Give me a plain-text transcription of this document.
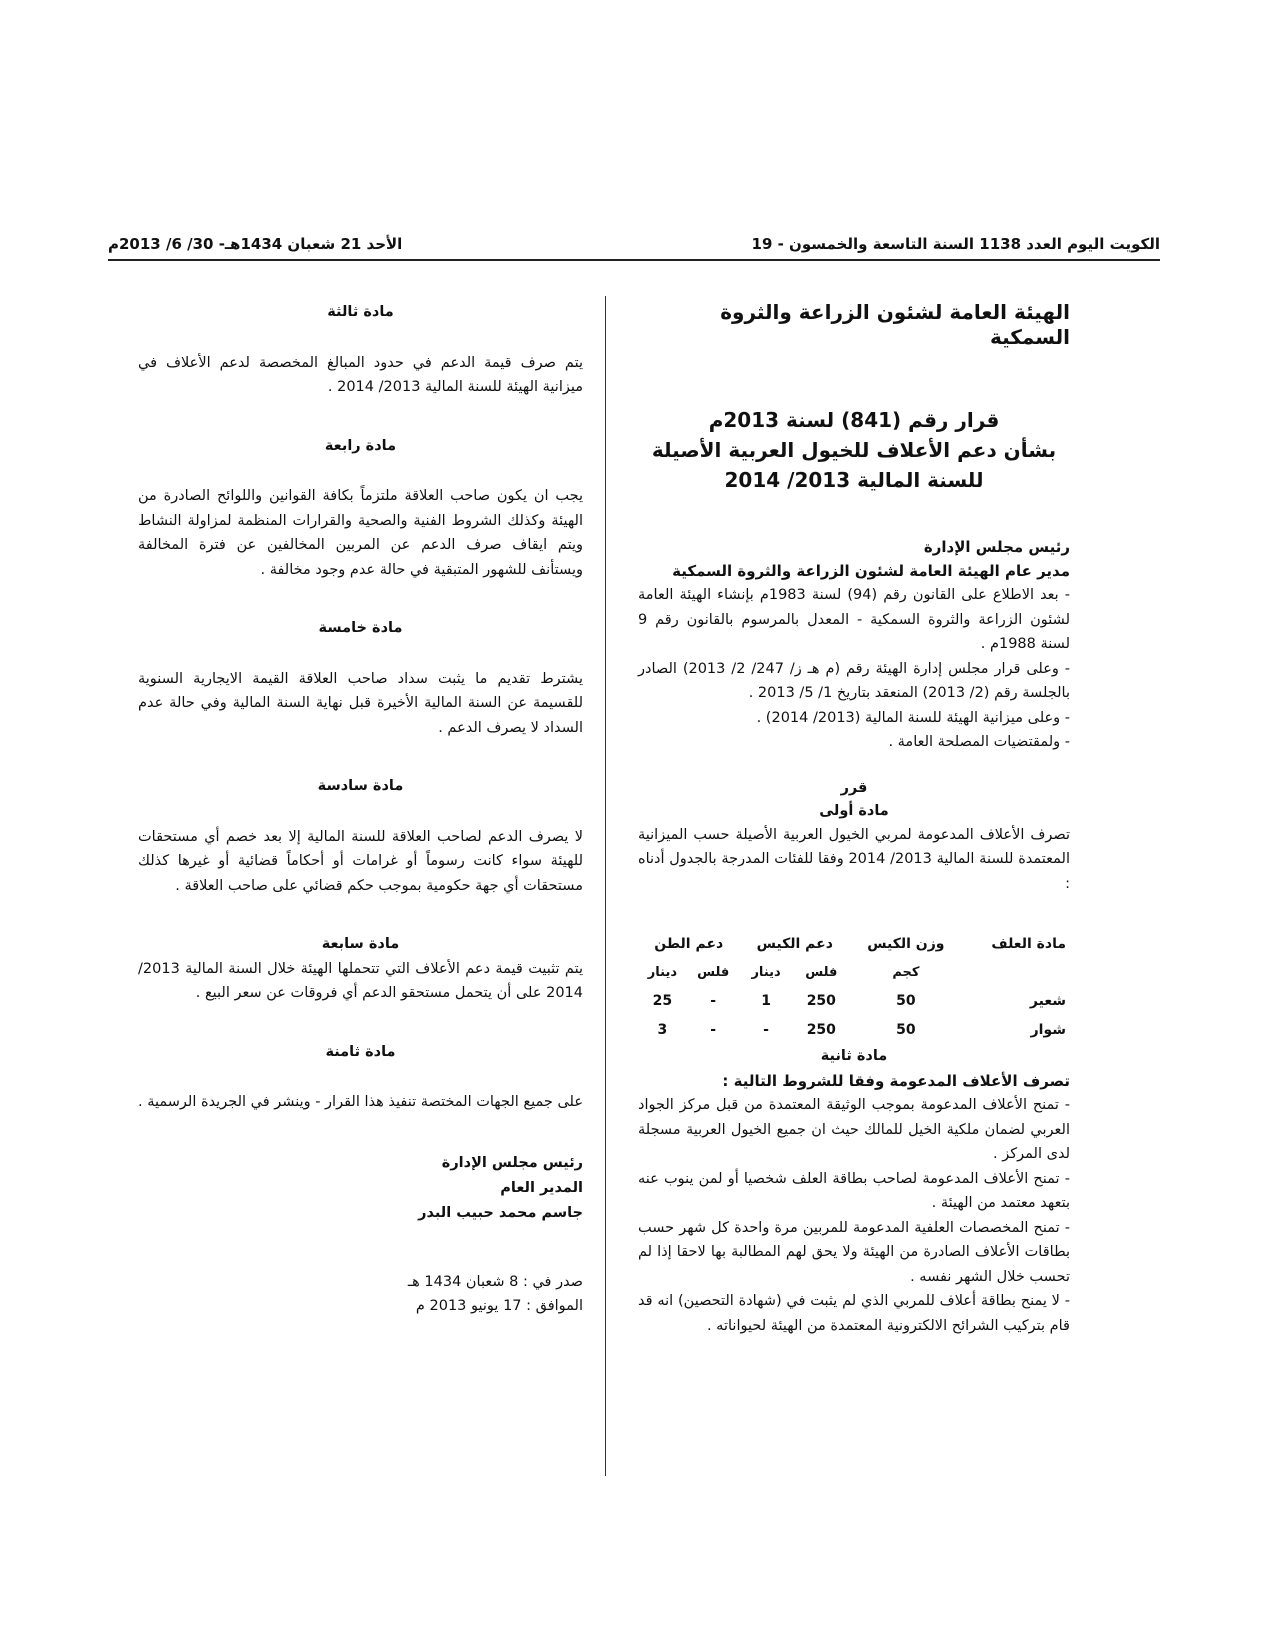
الكويت اليوم العدد 1138 السنة التاسعة والخمسون - 19
الأحد 21 شعبان 1434هـ- 30/ 6/ 2013م

الهيئة العامة لشئون الزراعة والثروة السمكية

قرار رقم (841) لسنة 2013م
بشأن دعم الأعلاف للخيول العربية الأصيلة
للسنة المالية 2013/ 2014
رئيس مجلس الإدارة
مدير عام الهيئة العامة لشئون الزراعة والثروة السمكية

- بعد الاطلاع على القانون رقم (94) لسنة 1983م بإنشاء الهيئة العامة لشئون الزراعة والثروة السمكية - المعدل بالمرسوم بالقانون رقم 9 لسنة 1988م .

- وعلى قرار مجلس إدارة الهيئة رقم (م هـ ز/ 247/ 2/ 2013) الصادر بالجلسة رقم (2/ 2013) المنعقد بتاريخ 1/ 5/ 2013 .

- وعلى ميزانية الهيئة للسنة المالية (2013/ 2014) .

- ولمقتضيات المصلحة العامة .

قرر
مادة أولى

تصرف الأعلاف المدعومة لمربي الخيول العربية الأصيلة حسب الميزانية المعتمدة للسنة المالية 2013/ 2014 وفقا للفئات المدرجة بالجدول أدناه :

مادة العلف	وزن الكيس	دعم الكيس		دعم الطن	
	كجم	فلس	دينار	فلس	دينار
شعير	50	250	1	-	25
شوار	50	250	-	-	3

مادة ثانية

تصرف الأعلاف المدعومة وفقا للشروط التالية :

- تمنح الأعلاف المدعومة بموجب الوثيقة المعتمدة من قبل مركز الجواد العربي لضمان ملكية الخيل للمالك حيث ان جميع الخيول العربية مسجلة لدى المركز .

- تمنح الأعلاف المدعومة لصاحب بطاقة العلف شخصيا أو لمن ينوب عنه بتعهد معتمد من الهيئة .

- تمنح المخصصات العلفية المدعومة للمربين مرة واحدة كل شهر حسب بطاقات الأعلاف الصادرة من الهيئة ولا يحق لهم المطالبة بها لاحقا إذا لم تحسب خلال الشهر نفسه .

- لا يمنح بطاقة أعلاف للمربي الذي لم يثبت في (شهادة التحصين) انه قد قام بتركيب الشرائح الالكترونية المعتمدة من الهيئة لحيواناته .

مادة ثالثة

يتم صرف قيمة الدعم في حدود المبالغ المخصصة لدعم الأعلاف في ميزانية الهيئة للسنة المالية 2013/ 2014 .

مادة رابعة

يجب ان يكون صاحب العلاقة ملتزماً بكافة القوانين واللوائح الصادرة من الهيئة وكذلك الشروط الفنية والصحية والقرارات المنظمة لمزاولة النشاط ويتم ايقاف صرف الدعم عن المربين المخالفين عن فترة المخالفة ويستأنف للشهور المتبقية في حالة عدم وجود مخالفة .

مادة خامسة

يشترط تقديم ما يثبت سداد صاحب العلاقة القيمة الايجارية السنوية للقسيمة عن السنة المالية الأخيرة قبل نهاية السنة المالية وفي حالة عدم السداد لا يصرف الدعم .

مادة سادسة

لا يصرف الدعم لصاحب العلاقة للسنة المالية إلا بعد خصم أي مستحقات للهيئة سواء كانت رسوماً أو غرامات أو أحكاماً قضائية أو غيرها كذلك مستحقات أي جهة حكومية بموجب حكم قضائي على صاحب العلاقة .

مادة سابعة

يتم تثبيت قيمة دعم الأعلاف التي تتحملها الهيئة خلال السنة المالية 2013/ 2014 على أن يتحمل مستحقو الدعم أي فروقات عن سعر البيع .

مادة ثامنة

على جميع الجهات المختصة تنفيذ هذا القرار - وينشر في الجريدة الرسمية .

رئيس مجلس الإدارة
المدير العام
جاسم محمد حبيب البدر
صدر في : 8 شعبان 1434 هـ
الموافق : 17 يونيو 2013 م
